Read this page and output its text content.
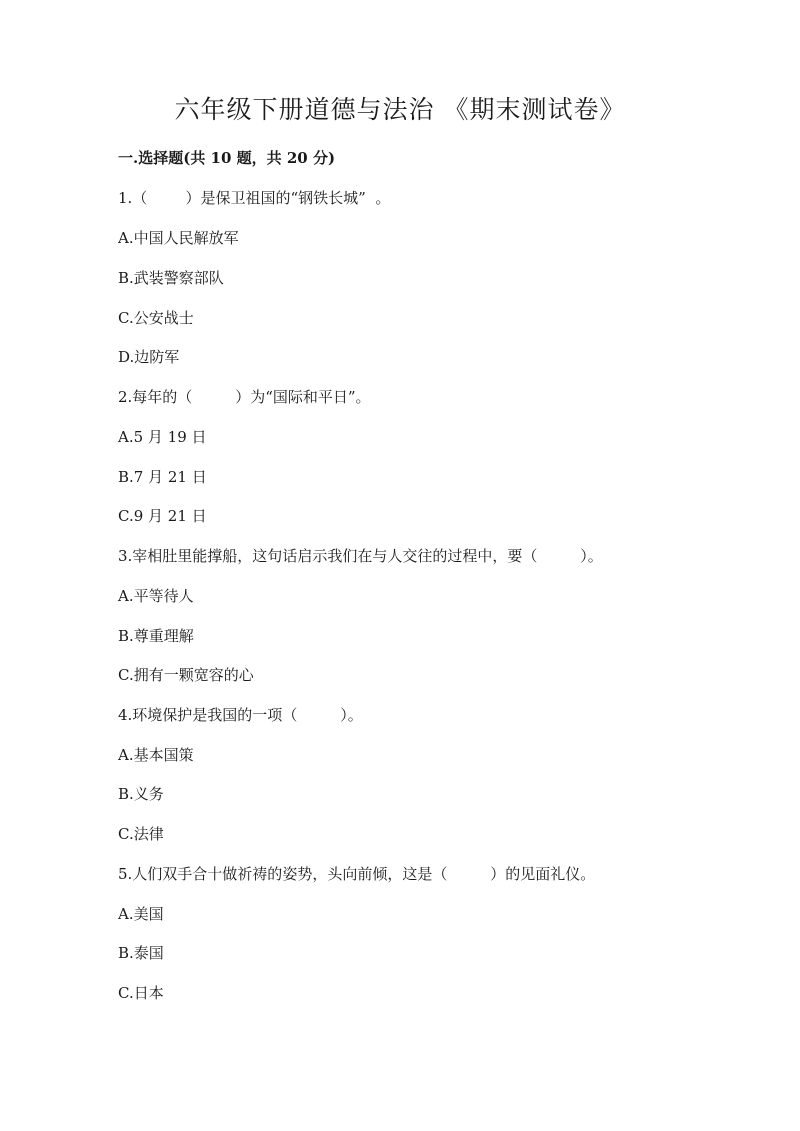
六年级下册道德与法治 《期末测试卷》
一.选择题(共 10 题，共 20 分)
1.（        ）是保卫祖国的“钢铁长城”  。
A.中国人民解放军
B.武装警察部队
C.公安战士
D.边防军
2.每年的（         ）为“国际和平日”。
A.5 月 19 日
B.7 月 21 日
C.9 月 21 日
3.宰相肚里能撑船，这句话启示我们在与人交往的过程中，要（         ）。
A.平等待人
B.尊重理解
C.拥有一颗宽容的心
4.环境保护是我国的一项（         ）。
A.基本国策
B.义务
C.法律
5.人们双手合十做祈祷的姿势，头向前倾，这是（         ）的见面礼仪。
A.美国
B.泰国
C.日本
